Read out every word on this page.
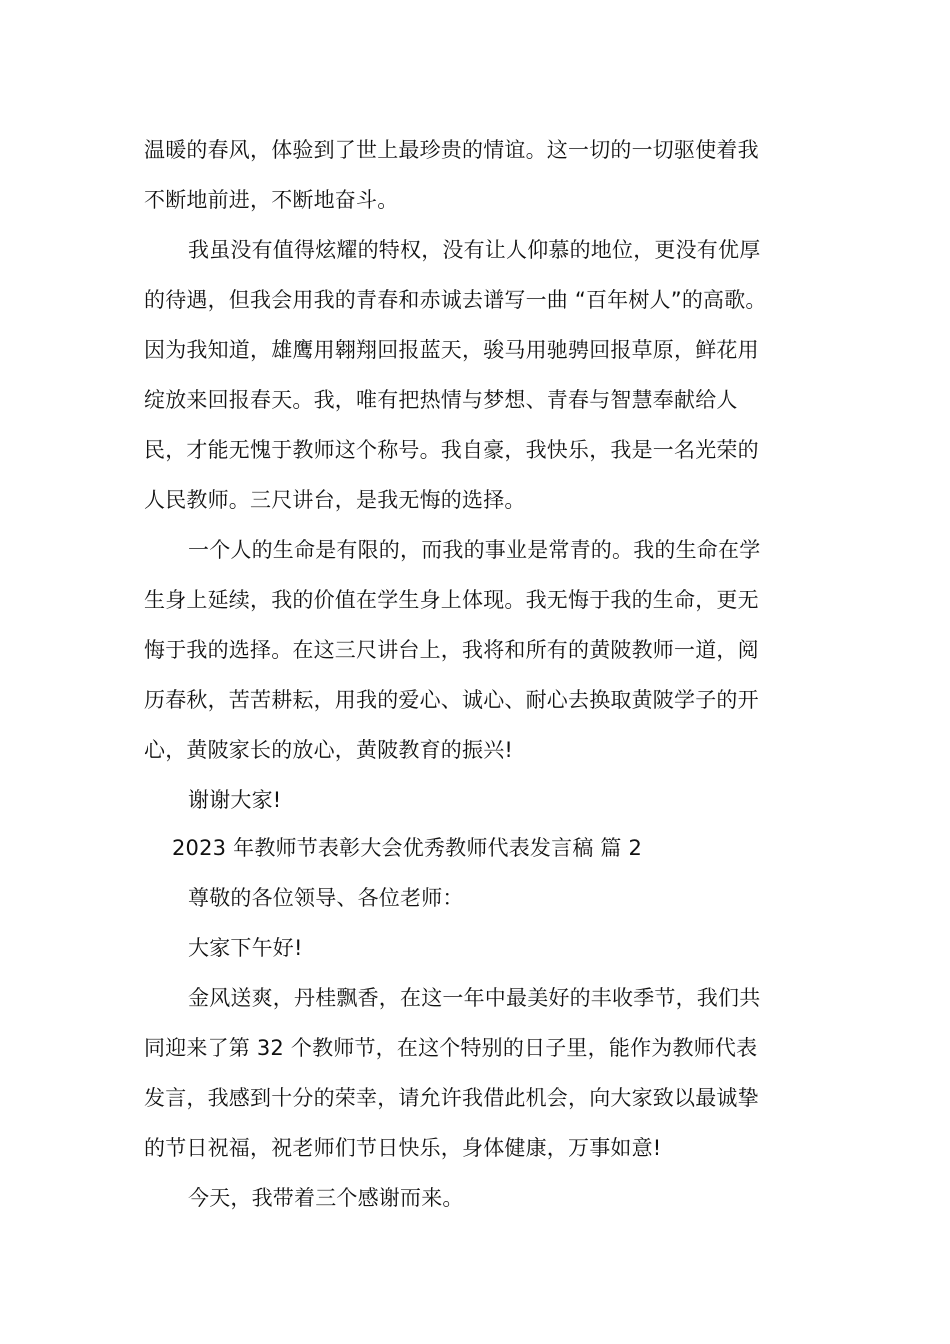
温暖的春风，体验到了世上最珍贵的情谊。这一切的一切驱使着我
不断地前进，不断地奋斗。
我虽没有值得炫耀的特权，没有让人仰慕的地位，更没有优厚
的待遇，但我会用我的青春和赤诚去谱写一曲 “百年树人”的高歌。
因为我知道，雄鹰用翱翔回报蓝天，骏马用驰骋回报草原，鲜花用
绽放来回报春天。我，唯有把热情与梦想、青春与智慧奉献给人
民，才能无愧于教师这个称号。我自豪，我快乐，我是一名光荣的
人民教师。三尺讲台，是我无悔的选择。
一个人的生命是有限的，而我的事业是常青的。我的生命在学
生身上延续，我的价值在学生身上体现。我无悔于我的生命，更无
悔于我的选择。在这三尺讲台上，我将和所有的黄陂教师一道，阅
历春秋，苦苦耕耘，用我的爱心、诚心、耐心去换取黄陂学子的开
心，黄陂家长的放心，黄陂教育的振兴!
谢谢大家!
2023 年教师节表彰大会优秀教师代表发言稿 篇 2
尊敬的各位领导、各位老师：
大家下午好!
金风送爽，丹桂飘香，在这一年中最美好的丰收季节，我们共
同迎来了第 32 个教师节，在这个特别的日子里，能作为教师代表
发言，我感到十分的荣幸，请允许我借此机会，向大家致以最诚挚
的节日祝福，祝老师们节日快乐，身体健康，万事如意!
今天，我带着三个感谢而来。
